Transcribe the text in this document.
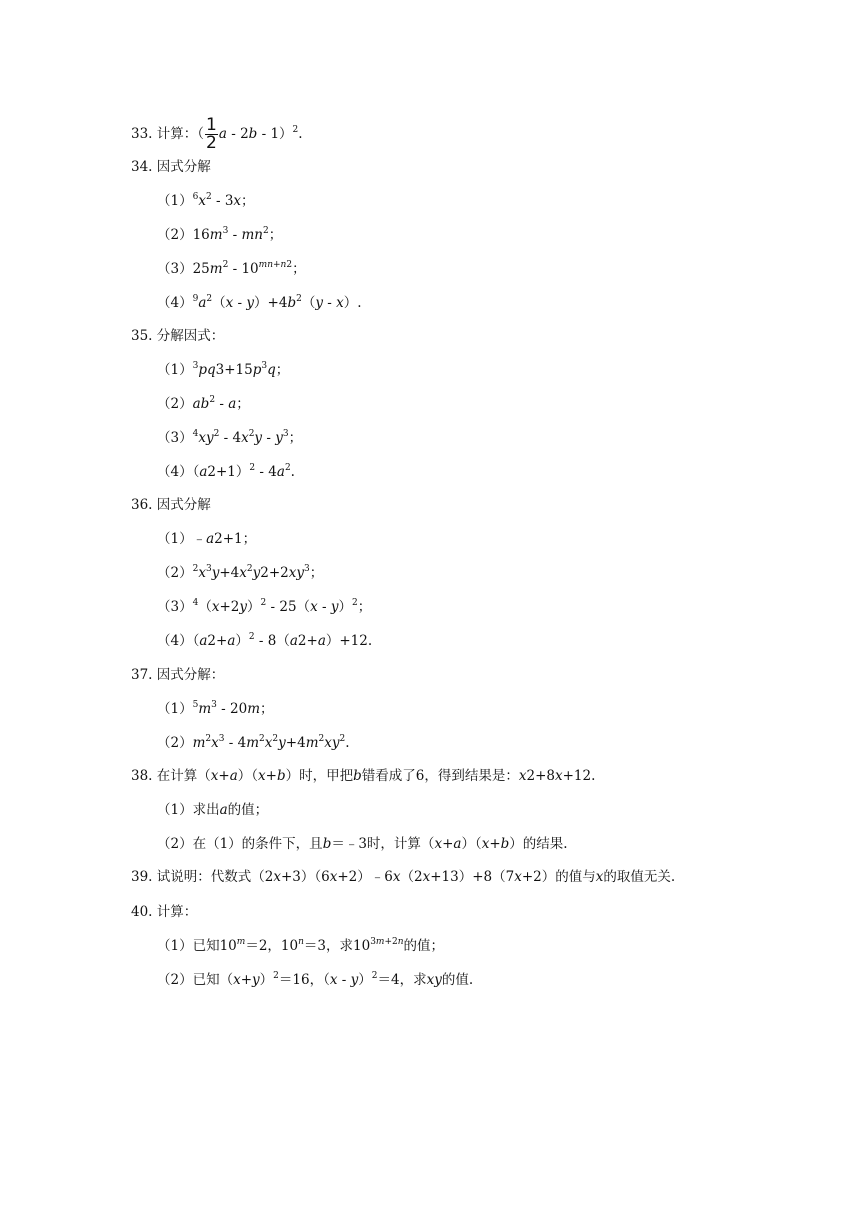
33. 计算：（ $\frac{1}{2}$ a ‑ 2b ‑ 1）$^2$.
34. 因式分解
$(1)^6x^2$ ‑ 3x；
$(2)16m^3$ ‑ $mn^2$；
$(3)25m^2$ ‑ $10^{mn+n2}$；
$(4)^9a^2(x$ ‑ $y)+4b^2(y$ ‑ x）.
35. 分解因式：
$(1)^3pq3+15p^3q$；
$(2)ab^2$ ‑ a；
$(3)^4xy^2$ ‑ $4x^2y$ ‑ $y^3$；
$(4)(a2+1)^2$ ‑ $4a^2$.
36. 因式分解
（1）﹣a2+1；
$(2)^2x^3y+4x^2y2+2xy^3$；
$(3)^4(x+2y)^2$ ‑ 25（x ‑ y）$^2$；
$(4)(a2+a)^2$ ‑ 8（a2+a）+12.
37. 因式分解：
$(1)^5m^3$ ‑ 20m；
$(2)m^2x^3$ ‑ $4m^2x^2y+4m^2xy^2$.
38. 在计算（x+a）（x+b）时，甲把b错看成了6，得到结果是：x2+8x+12.
（1）求出a的值；
（2）在（1）的条件下，且b＝﹣3时，计算（x+a）（x+b）的结果.
39. 试说明：代数式（2x+3）（6x+2）﹣6x（2x+13）+8（7x+2）的值与x的取值无关.
40. 计算：
（1）已知$10^m=2$，$10^n=3$，求$10^{3m+2n}$的值；
（2）已知$(x+y)^2=16$，（x ‑ y）$^2$＝4，求xy的值.
